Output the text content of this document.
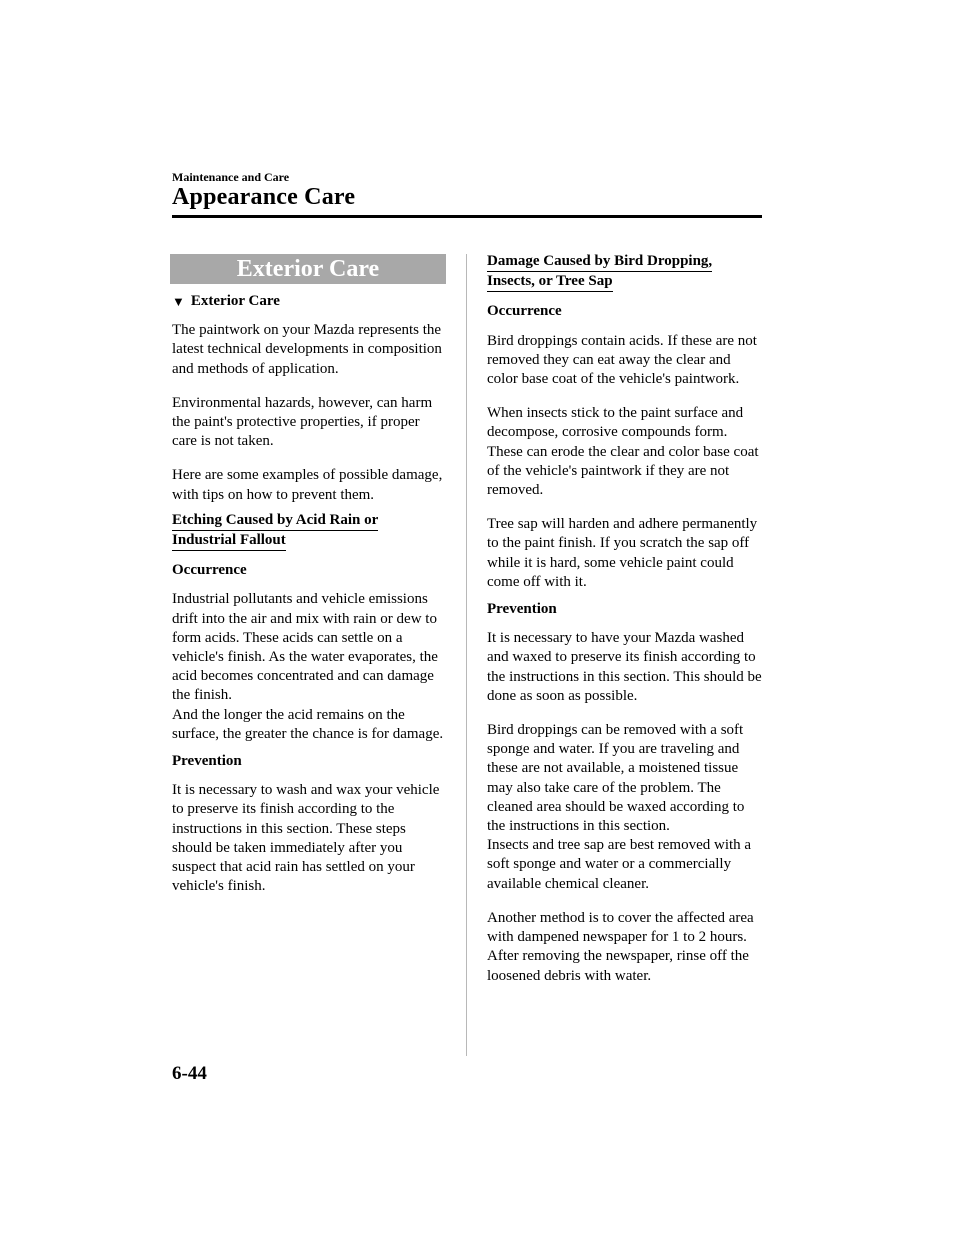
Maintenance and Care
Appearance Care
Exterior Care
▼ Exterior Care

The paintwork on your Mazda represents the latest technical developments in composition and methods of application.

Environmental hazards, however, can harm the paint's protective properties, if proper care is not taken.

Here are some examples of possible damage, with tips on how to prevent them.

Etching Caused by Acid Rain or
Industrial Fallout
Occurrence
Industrial pollutants and vehicle emissions drift into the air and mix with rain or dew to form acids. These acids can settle on a vehicle's finish. As the water evaporates, the acid becomes concentrated and can damage the finish.

And the longer the acid remains on the surface, the greater the chance is for damage.

Prevention

It is necessary to wash and wax your vehicle to preserve its finish according to the instructions in this section. These steps should be taken immediately after you suspect that acid rain has settled on your vehicle's finish.

Damage Caused by Bird Dropping,
Insects, or Tree Sap
Occurrence

Bird droppings contain acids. If these are not removed they can eat away the clear and color base coat of the vehicle's paintwork.

When insects stick to the paint surface and decompose, corrosive compounds form. These can erode the clear and color base coat of the vehicle's paintwork if they are not removed.

Tree sap will harden and adhere permanently to the paint finish. If you scratch the sap off while it is hard, some vehicle paint could come off with it.

Prevention

It is necessary to have your Mazda washed and waxed to preserve its finish according to the instructions in this section. This should be done as soon as possible.

Bird droppings can be removed with a soft sponge and water. If you are traveling and these are not available, a moistened tissue may also take care of the problem. The cleaned area should be waxed according to the instructions in this section.

Insects and tree sap are best removed with a soft sponge and water or a commercially available chemical cleaner.

Another method is to cover the affected area with dampened newspaper for 1 to 2 hours. After removing the newspaper, rinse off the loosened debris with water.

6-44
